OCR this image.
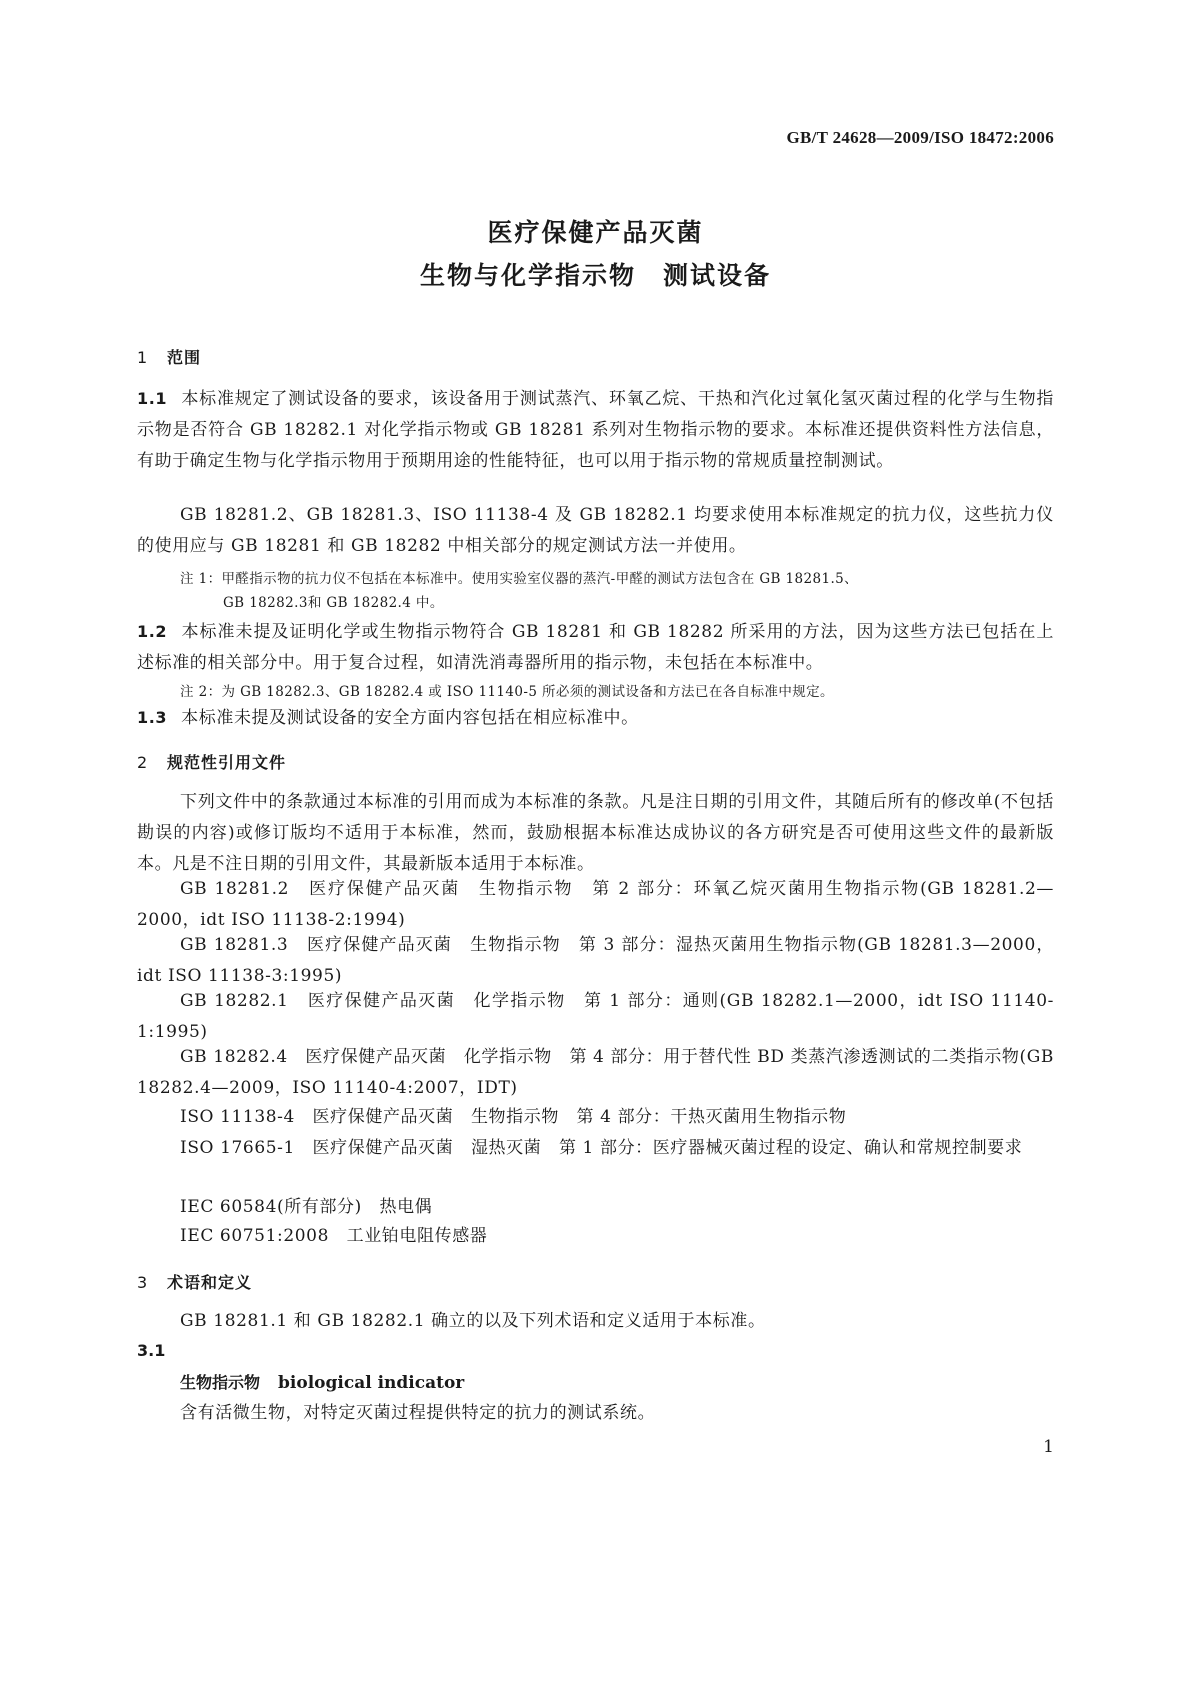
GB/T 24628—2009/ISO 18472:2006
医疗保健产品灭菌
生物与化学指示物　测试设备
1 范围

1.1 本标准规定了测试设备的要求，该设备用于测试蒸汽、环氧乙烷、干热和汽化过氧化氢灭菌过程的化学与生物指示物是否符合 GB 18282.1 对化学指示物或 GB 18281 系列对生物指示物的要求。本标准还提供资料性方法信息，有助于确定生物与化学指示物用于预期用途的性能特征，也可以用于指示物的常规质量控制测试。

GB 18281.2、GB 18281.3、ISO 11138-4 及 GB 18282.1 均要求使用本标准规定的抗力仪，这些抗力仪的使用应与 GB 18281 和 GB 18282 中相关部分的规定测试方法一并使用。

注 1：甲醛指示物的抗力仪不包括在本标准中。使用实验室仪器的蒸汽-甲醛的测试方法包含在 GB 18281.5、
GB 18282.3和 GB 18282.4 中。

1.2 本标准未提及证明化学或生物指示物符合 GB 18281 和 GB 18282 所采用的方法，因为这些方法已包括在上述标准的相关部分中。用于复合过程，如清洗消毒器所用的指示物，未包括在本标准中。

注 2：为 GB 18282.3、GB 18282.4 或 ISO 11140-5 所必须的测试设备和方法已在各自标准中规定。

1.3 本标准未提及测试设备的安全方面内容包括在相应标准中。

2 规范性引用文件

下列文件中的条款通过本标准的引用而成为本标准的条款。凡是注日期的引用文件，其随后所有的修改单(不包括勘误的内容)或修订版均不适用于本标准，然而，鼓励根据本标准达成协议的各方研究是否可使用这些文件的最新版本。凡是不注日期的引用文件，其最新版本适用于本标准。

GB 18281.2　医疗保健产品灭菌　生物指示物　第 2 部分：环氧乙烷灭菌用生物指示物(GB 18281.2—2000，idt ISO 11138-2:1994)

GB 18281.3　医疗保健产品灭菌　生物指示物　第 3 部分：湿热灭菌用生物指示物(GB 18281.3—2000，idt ISO 11138-3:1995)

GB 18282.1　医疗保健产品灭菌　化学指示物　第 1 部分：通则(GB 18282.1—2000，idt ISO 11140-1:1995)

GB 18282.4　医疗保健产品灭菌　化学指示物　第 4 部分：用于替代性 BD 类蒸汽渗透测试的二类指示物(GB 18282.4—2009，ISO 11140-4:2007，IDT)

ISO 11138-4　医疗保健产品灭菌　生物指示物　第 4 部分：干热灭菌用生物指示物

ISO 17665-1　医疗保健产品灭菌　湿热灭菌　第 1 部分：医疗器械灭菌过程的设定、确认和常规控制要求

IEC 60584(所有部分)　热电偶

IEC 60751:2008　工业铂电阻传感器

3 术语和定义

GB 18281.1 和 GB 18282.1 确立的以及下列术语和定义适用于本标准。

3.1
生物指示物 biological indicator

含有活微生物，对特定灭菌过程提供特定的抗力的测试系统。

1
